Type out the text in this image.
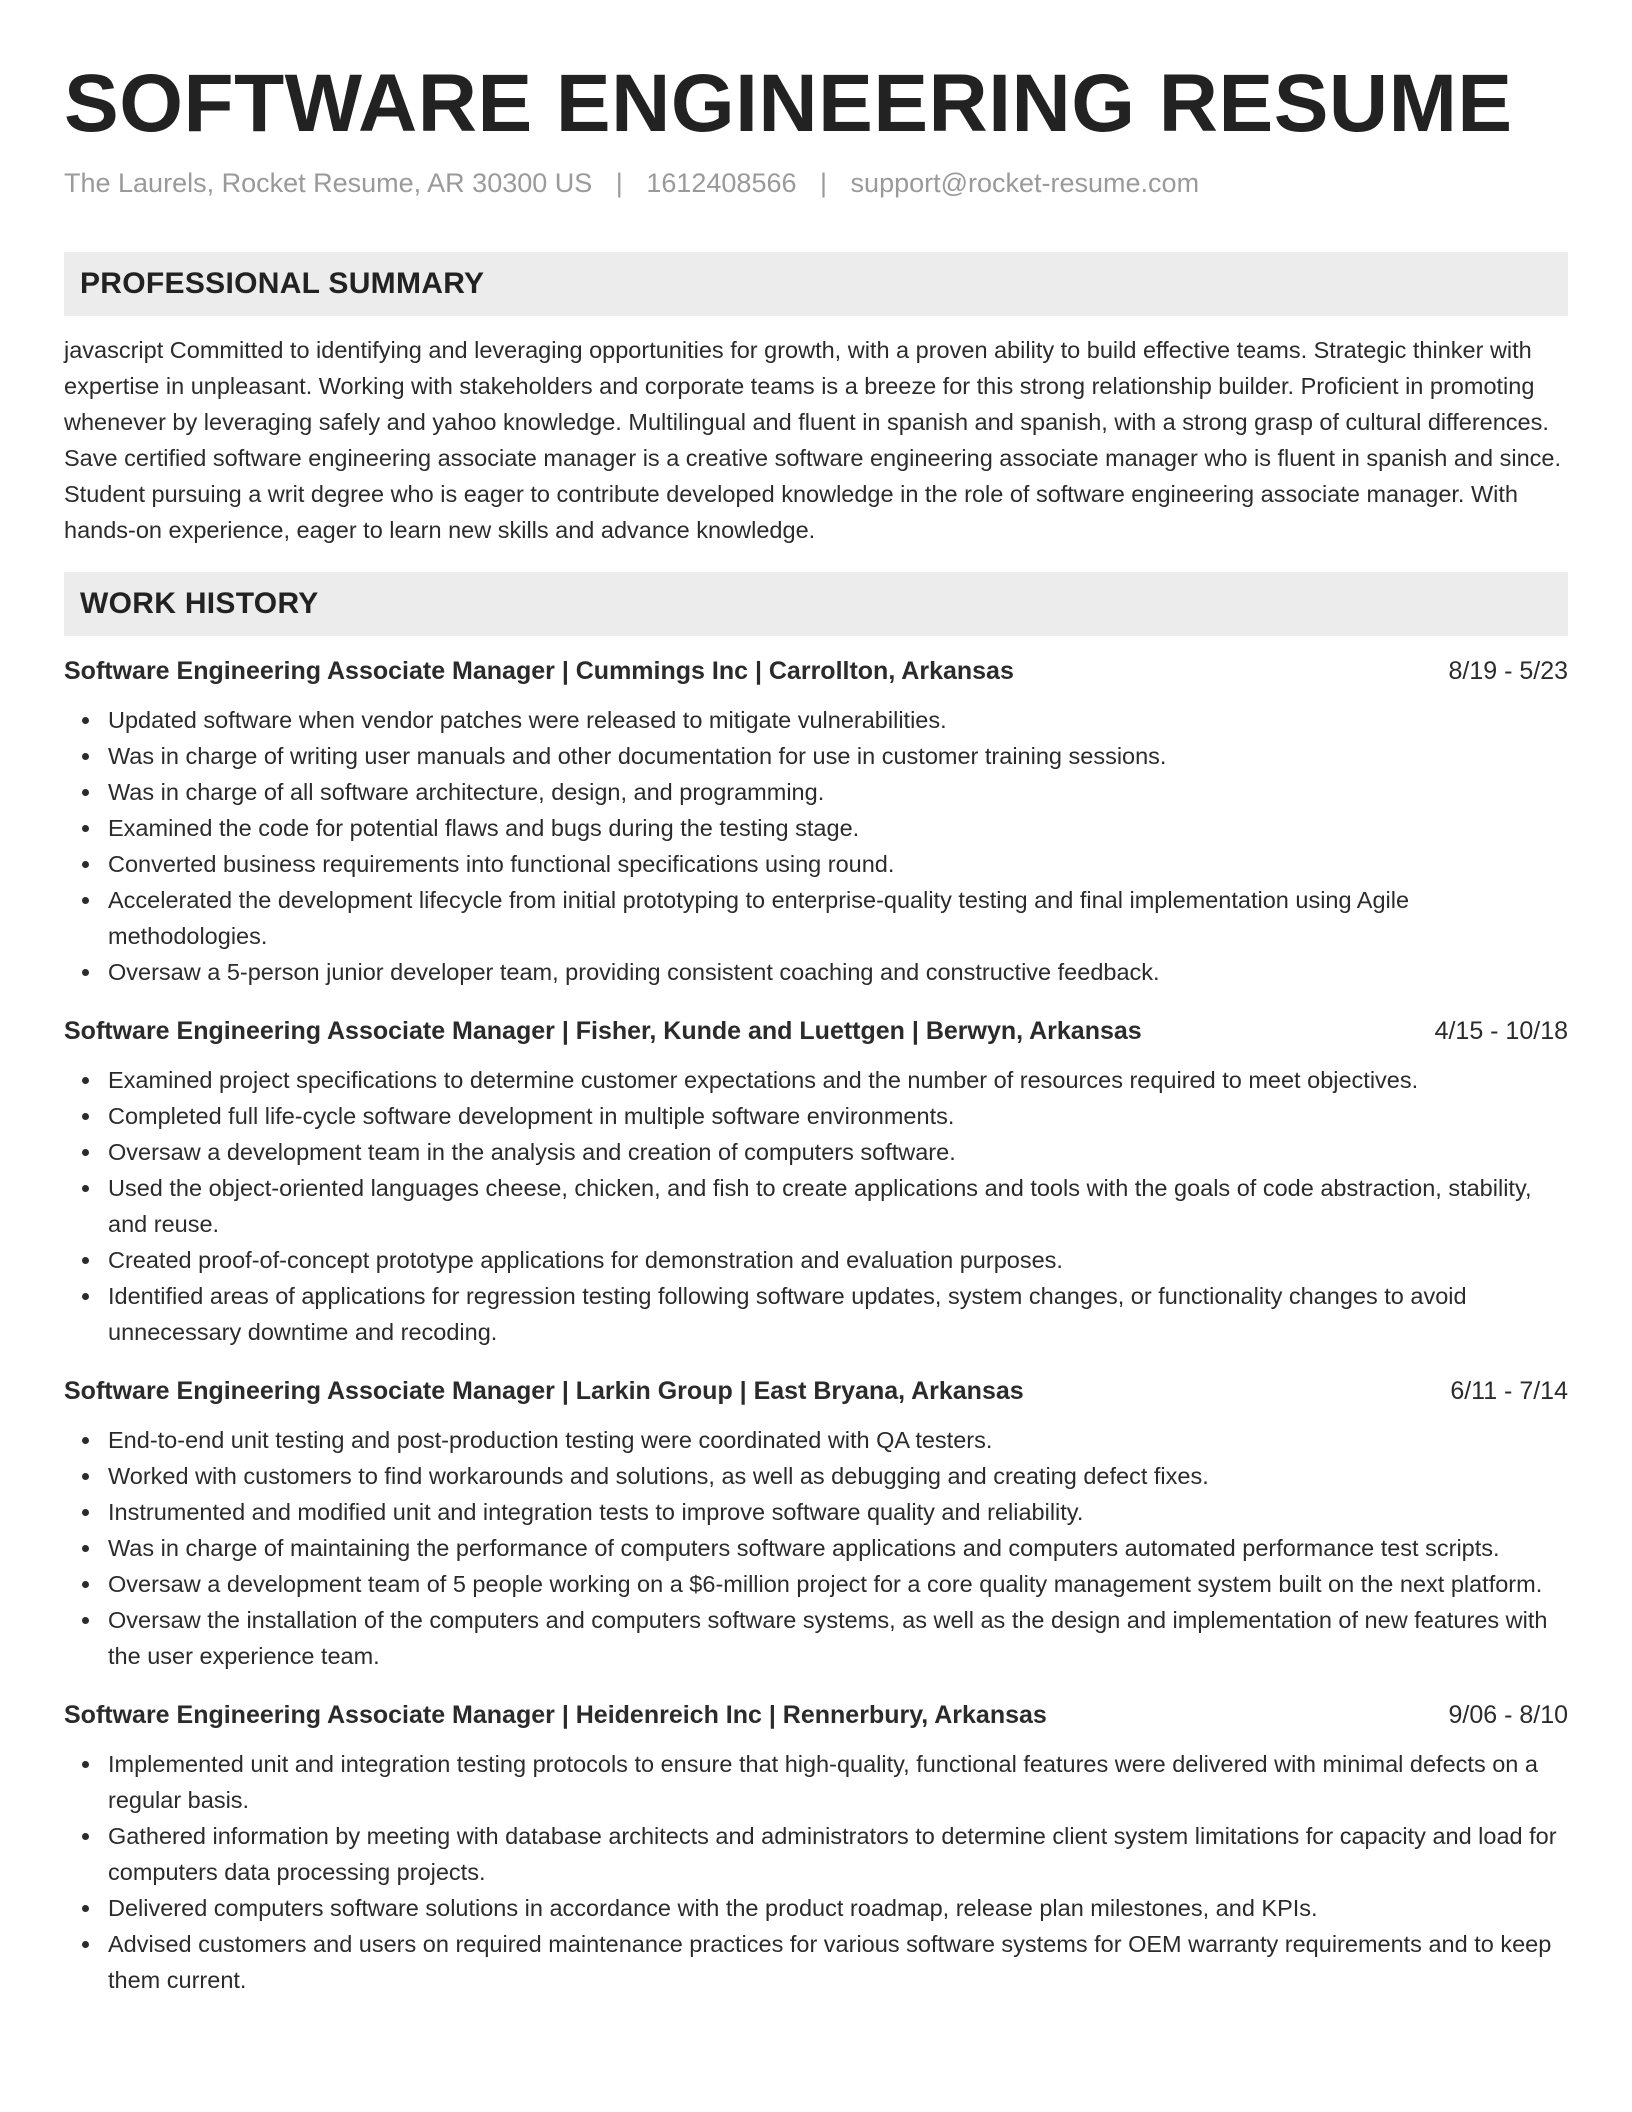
SOFTWARE ENGINEERING RESUME
The Laurels, Rocket Resume, AR 30300 US | 1612408566 | support@rocket-resume.com
PROFESSIONAL SUMMARY

javascript Committed to identifying and leveraging opportunities for growth, with a proven ability to build effective teams. Strategic thinker with expertise in unpleasant. Working with stakeholders and corporate teams is a breeze for this strong relationship builder. Proficient in promoting whenever by leveraging safely and yahoo knowledge. Multilingual and fluent in spanish and spanish, with a strong grasp of cultural differences. Save certified software engineering associate manager is a creative software engineering associate manager who is fluent in spanish and since. Student pursuing a writ degree who is eager to contribute developed knowledge in the role of software engineering associate manager. With hands-on experience, eager to learn new skills and advance knowledge.

WORK HISTORY
Software Engineering Associate Manager | Cummings Inc | Carrollton, Arkansas	8/19 - 5/23
Updated software when vendor patches were released to mitigate vulnerabilities.
Was in charge of writing user manuals and other documentation for use in customer training sessions.
Was in charge of all software architecture, design, and programming.
Examined the code for potential flaws and bugs during the testing stage.
Converted business requirements into functional specifications using round.
Accelerated the development lifecycle from initial prototyping to enterprise-quality testing and final implementation using Agile methodologies.
Oversaw a 5-person junior developer team, providing consistent coaching and constructive feedback.
Software Engineering Associate Manager | Fisher, Kunde and Luettgen | Berwyn, Arkansas	4/15 - 10/18
Examined project specifications to determine customer expectations and the number of resources required to meet objectives.
Completed full life-cycle software development in multiple software environments.
Oversaw a development team in the analysis and creation of computers software.
Used the object-oriented languages cheese, chicken, and fish to create applications and tools with the goals of code abstraction, stability, and reuse.
Created proof-of-concept prototype applications for demonstration and evaluation purposes.
Identified areas of applications for regression testing following software updates, system changes, or functionality changes to avoid unnecessary downtime and recoding.
Software Engineering Associate Manager | Larkin Group | East Bryana, Arkansas	6/11 - 7/14
End-to-end unit testing and post-production testing were coordinated with QA testers.
Worked with customers to find workarounds and solutions, as well as debugging and creating defect fixes.
Instrumented and modified unit and integration tests to improve software quality and reliability.
Was in charge of maintaining the performance of computers software applications and computers automated performance test scripts.
Oversaw a development team of 5 people working on a $6-million project for a core quality management system built on the next platform.
Oversaw the installation of the computers and computers software systems, as well as the design and implementation of new features with the user experience team.
Software Engineering Associate Manager | Heidenreich Inc | Rennerbury, Arkansas	9/06 - 8/10
Implemented unit and integration testing protocols to ensure that high-quality, functional features were delivered with minimal defects on a regular basis.
Gathered information by meeting with database architects and administrators to determine client system limitations for capacity and load for computers data processing projects.
Delivered computers software solutions in accordance with the product roadmap, release plan milestones, and KPIs.
Advised customers and users on required maintenance practices for various software systems for OEM warranty requirements and to keep them current.
